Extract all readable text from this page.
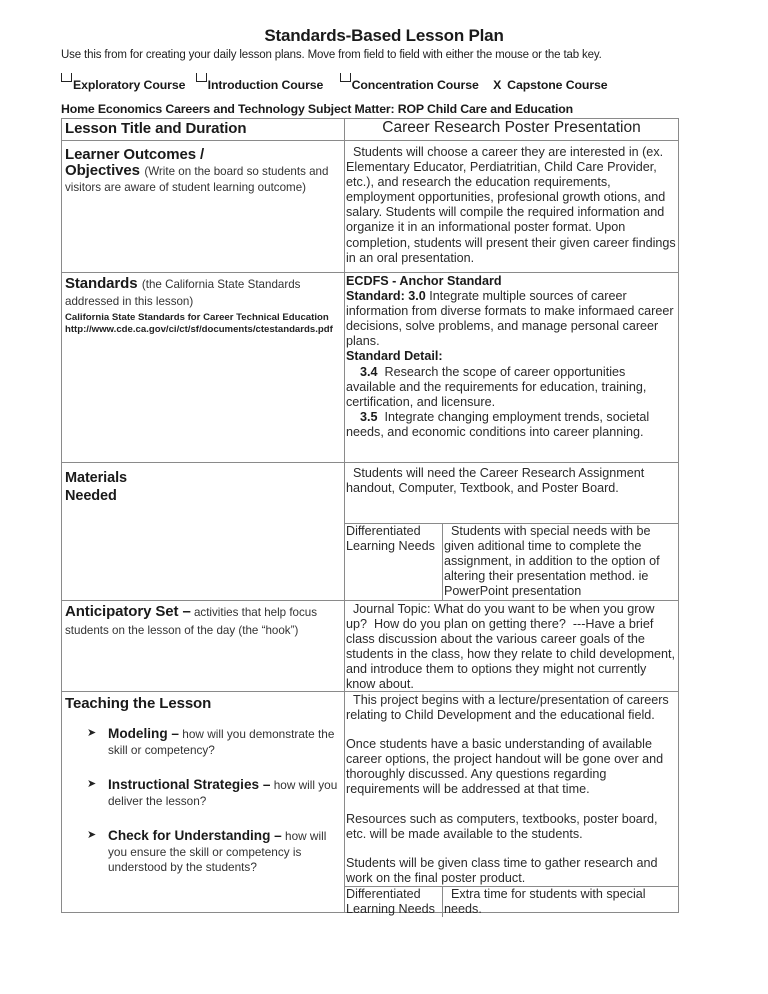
Standards-Based Lesson Plan
Use this from for creating your daily lesson plans. Move from field to field with either the mouse or the tab key.
Exploratory Course Introduction Course Concentration Course X Capstone Course
Home Economics Careers and Technology Subject Matter: ROP Child Care and Education
Lesson Title and Duration	Career Research Poster Presentation
Learner Outcomes /
Objectives (Write on the board so students and visitors are aware of student learning outcome)
Students will choose a career they are interested in (ex. Elementary Educator, Perdiatritian, Child Care Provider, etc.), and research the education requirements, employment opportunities, profesional growth otions, and salary. Students will compile the required information and organize it in an informational poster format. Upon completion, students will present their given career findings in an oral presentation.
Standards (the California State Standards addressed in this lesson)
California State Standards for Career Technical Education
http://www.cde.ca.gov/ci/ct/sf/documents/ctestandards.pdf
ECDFS - Anchor Standard
Standard: 3.0 Integrate multiple sources of career information from diverse formats to make informaed career decisions, solve problems, and manage personal career plans.
Standard Detail:
3.4  Research the scope of career opportunities available and the requirements for education, training, certification, and licensure.
3.5  Integrate changing employment trends, societal needs, and economic conditions into career planning.
Materials
Needed
Students will need the Career Research Assignment handout, Computer, Textbook, and Poster Board.
Differentiated Learning Needs
Students with special needs with be given aditional time to complete the assignment, in addition to the option of altering their presentation method. ie PowerPoint presentation
Anticipatory Set – activities that help focus students on the lesson of the day (the “hook”)
Journal Topic: What do you want to be when you grow up?  How do you plan on getting there?  ---Have a brief class discussion about the various career goals of the students in the class, how they relate to child development, and introduce them to options they might not currently know about.
Teaching the Lesson
➤ Modeling – how will you demonstrate the skill or competency?
➤ Instructional Strategies – how will you deliver the lesson?
➤ Check for Understanding – how will you ensure the skill or competency is understood by the students?
This project begins with a lecture/presentation of careers relating to Child Development and the educational field.
Once students have a basic understanding of available career options, the project handout will be gone over and thoroughly discussed. Any questions regarding requirements will be addressed at that time.
Resources such as computers, textbooks, poster board, etc. will be made available to the students.
Students will be given class time to gather research and work on the final poster product.
Differentiated Learning Needs
Extra time for students with special needs.
